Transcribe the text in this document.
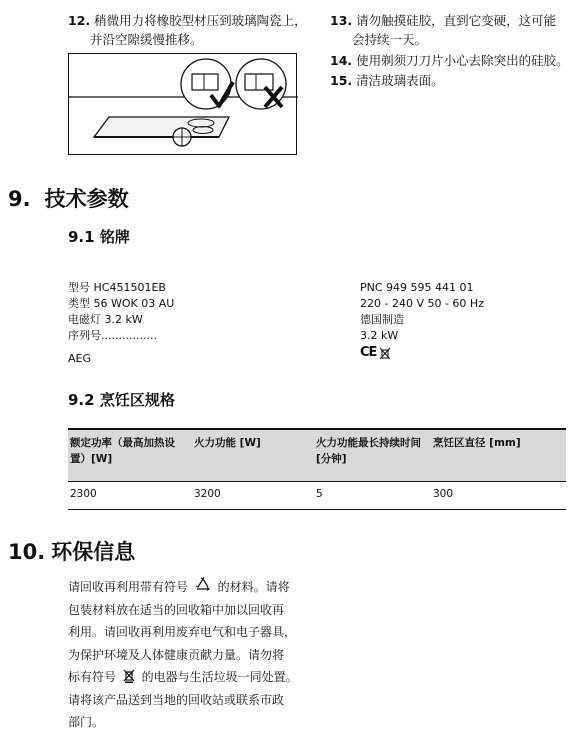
12. 稍微用力将橡胶型材压到玻璃陶瓷上，
并沿空隙缓慢推移。
13. 请勿触摸硅胶，直到它变硬，这可能
会持续一天。
14. 使用剃须刀刀片小心去除突出的硅胶。
15. 清洁玻璃表面。
9. 技术参数
9.1 铭牌
型号 HC451501EB
类型 56 WOK 03 AU
电磁灯 3.2 kW
序列号................
AEG
PNC 949 595 441 01
220 - 240 V 50 - 60 Hz
德国制造
3.2 kW
CE
9.2 烹饪区规格
额定功率（最高加热设置）[W]	火力功能 [W]	火力功能最长持续时间 [分钟]	烹饪区直径 [mm]
2300	3200	5	300
10. 环保信息
请回收再利用带有符号 的材料。请将
包装材料放在适当的回收箱中加以回收再
利用。请回收再利用废弃电气和电子器具，
为保护环境及人体健康贡献力量。请勿将
标有符号 的电器与生活垃圾一同处置。
请将该产品送到当地的回收站或联系市政
部门。
